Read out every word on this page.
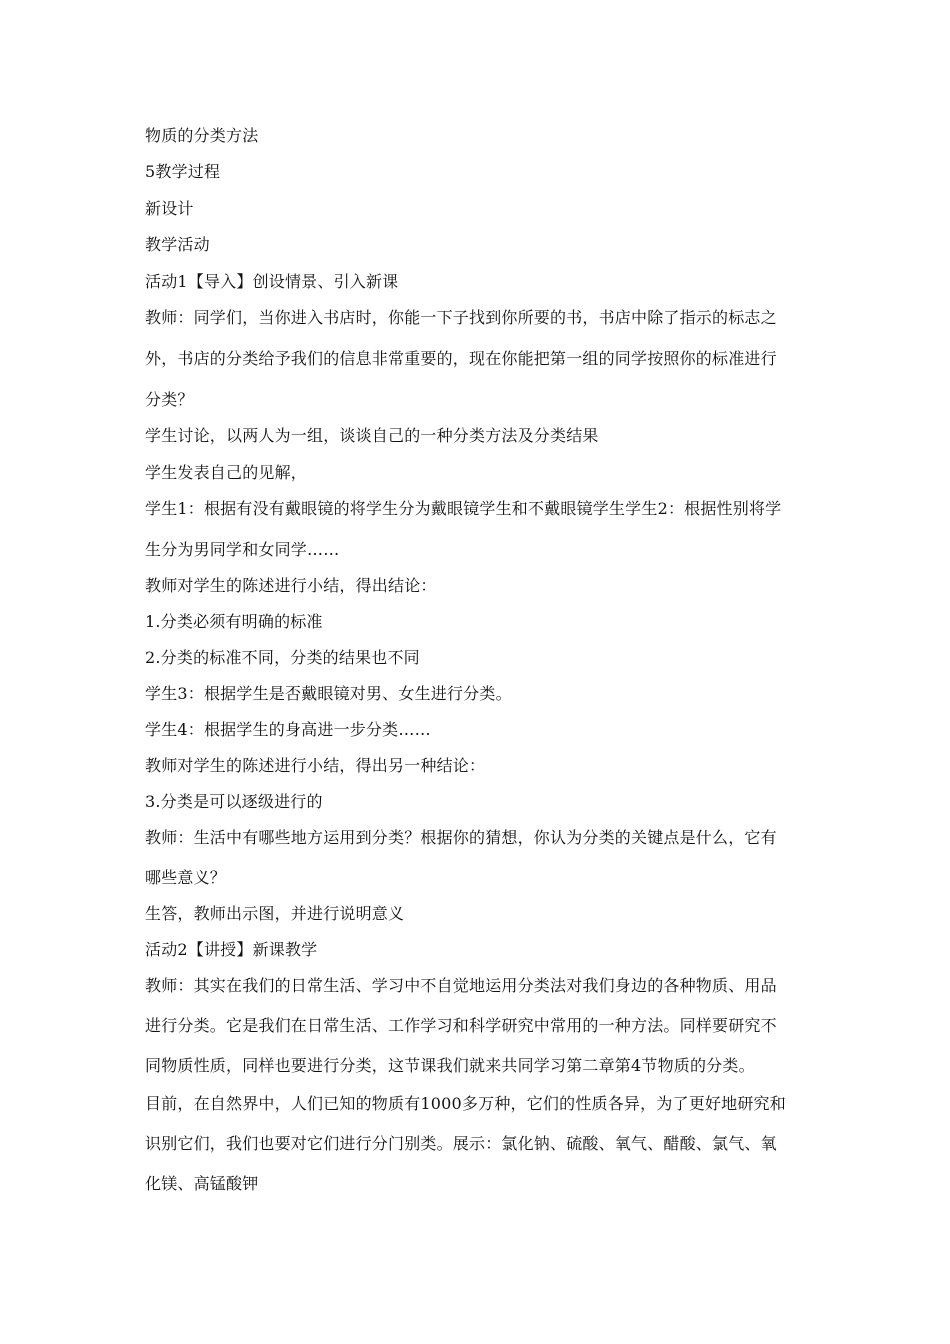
物质的分类方法
5教学过程
新设计
教学活动
活动1【导入】创设情景、引入新课
教师：同学们，当你进入书店时，你能一下子找到你所要的书，书店中除了指示的标志之
外，书店的分类给予我们的信息非常重要的，现在你能把第一组的同学按照你的标准进行
分类？
学生讨论，以两人为一组，谈谈自己的一种分类方法及分类结果
学生发表自己的见解，
学生1：根据有没有戴眼镜的将学生分为戴眼镜学生和不戴眼镜学生学生2：根据性别将学
生分为男同学和女同学……
教师对学生的陈述进行小结，得出结论：
1.分类必须有明确的标准
2.分类的标准不同，分类的结果也不同
学生3：根据学生是否戴眼镜对男、女生进行分类。
学生4：根据学生的身高进一步分类……
教师对学生的陈述进行小结，得出另一种结论：
3.分类是可以逐级进行的
教师：生活中有哪些地方运用到分类？根据你的猜想，你认为分类的关键点是什么，它有
哪些意义？
生答，教师出示图，并进行说明意义
活动2【讲授】新课教学
教师：其实在我们的日常生活、学习中不自觉地运用分类法对我们身边的各种物质、用品
进行分类。它是我们在日常生活、工作学习和科学研究中常用的一种方法。同样要研究不
同物质性质，同样也要进行分类，这节课我们就来共同学习第二章第4节物质的分类。
目前，在自然界中，人们已知的物质有1000多万种，它们的性质各异，为了更好地研究和
识别它们，我们也要对它们进行分门别类。展示：氯化钠、硫酸、氧气、醋酸、氯气、氧
化镁、高锰酸钾
